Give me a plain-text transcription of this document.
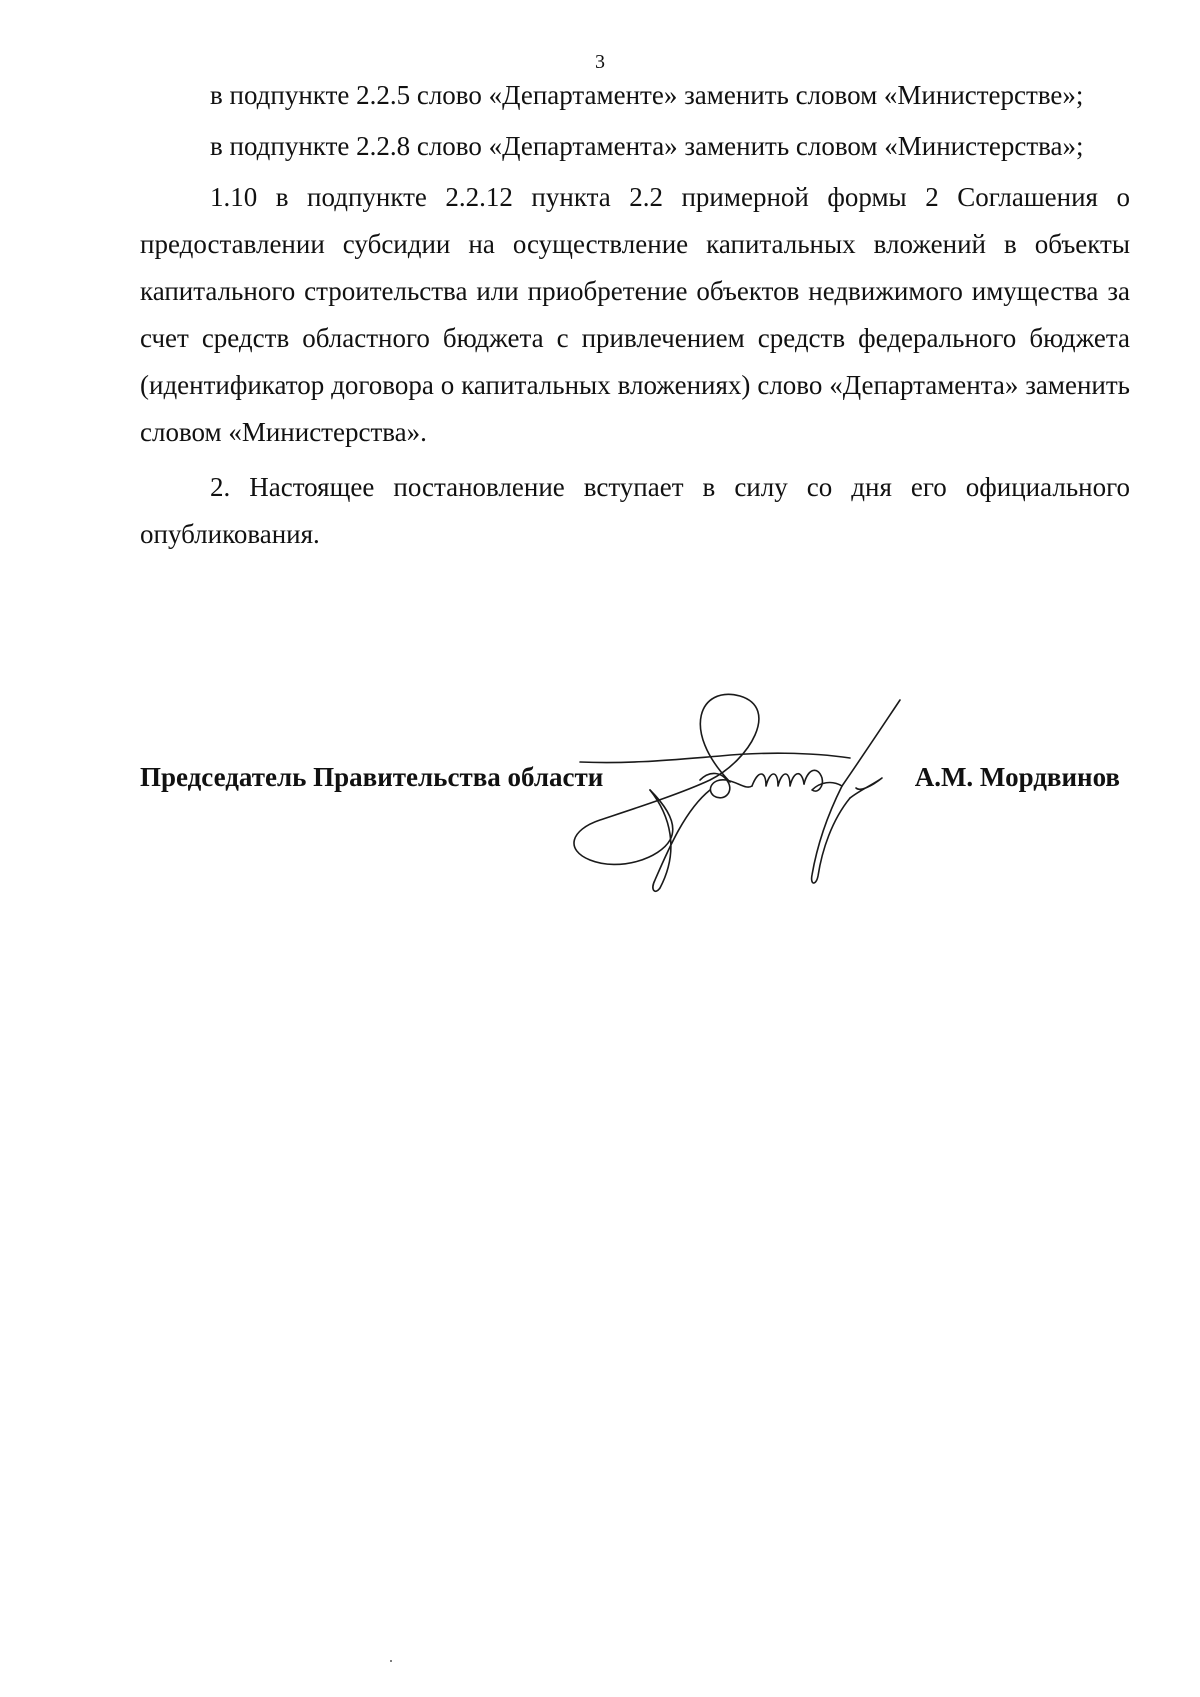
3

в подпункте 2.2.5 слово «Департаменте» заменить словом «Министерстве»;

в подпункте 2.2.8 слово «Департамента» заменить словом «Министерства»;

1.10 в подпункте 2.2.12 пункта 2.2 примерной формы 2 Соглашения о предоставлении субсидии на осуществление капитальных вложений в объекты капитального строительства или приобретение объектов недвижимого имущества за счет средств областного бюджета с привлечением средств федерального бюджета (идентификатор договора о капитальных вложениях) слово «Департамента» заменить словом «Министерства».

2. Настоящее постановление вступает в силу со дня его официального опубликования.

Председатель Правительства области	А.М. Мордвинов
